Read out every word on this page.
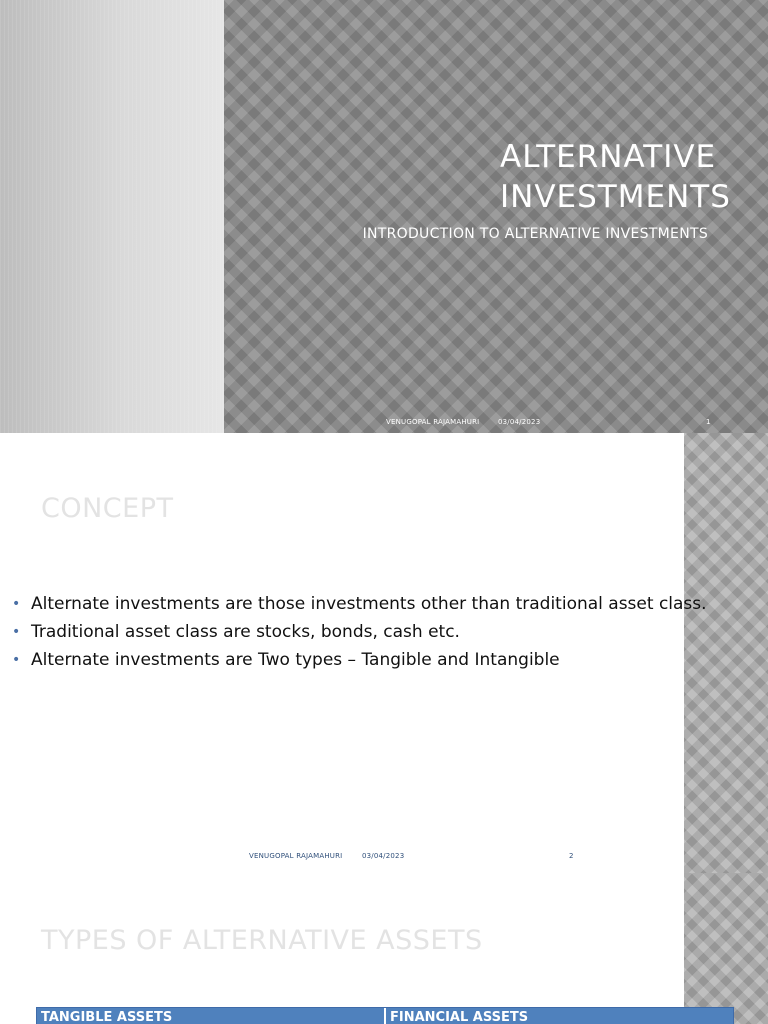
ALTERNATIVE INVESTMENTS
INTRODUCTION TO ALTERNATIVE INVESTMENTS
VENUGOPAL RAJAMAHURI	03/04/2023	1
CONCEPT
• Alternate investments are those investments other than traditional asset class.
• Traditional asset class are stocks, bonds, cash etc.
• Alternate investments are Two types – Tangible and Intangible
VENUGOPAL RAJAMAHURI	03/04/2023	2
TYPES OF ALTERNATIVE ASSETS
TANGIBLE ASSETS	FINANCIAL ASSETS
